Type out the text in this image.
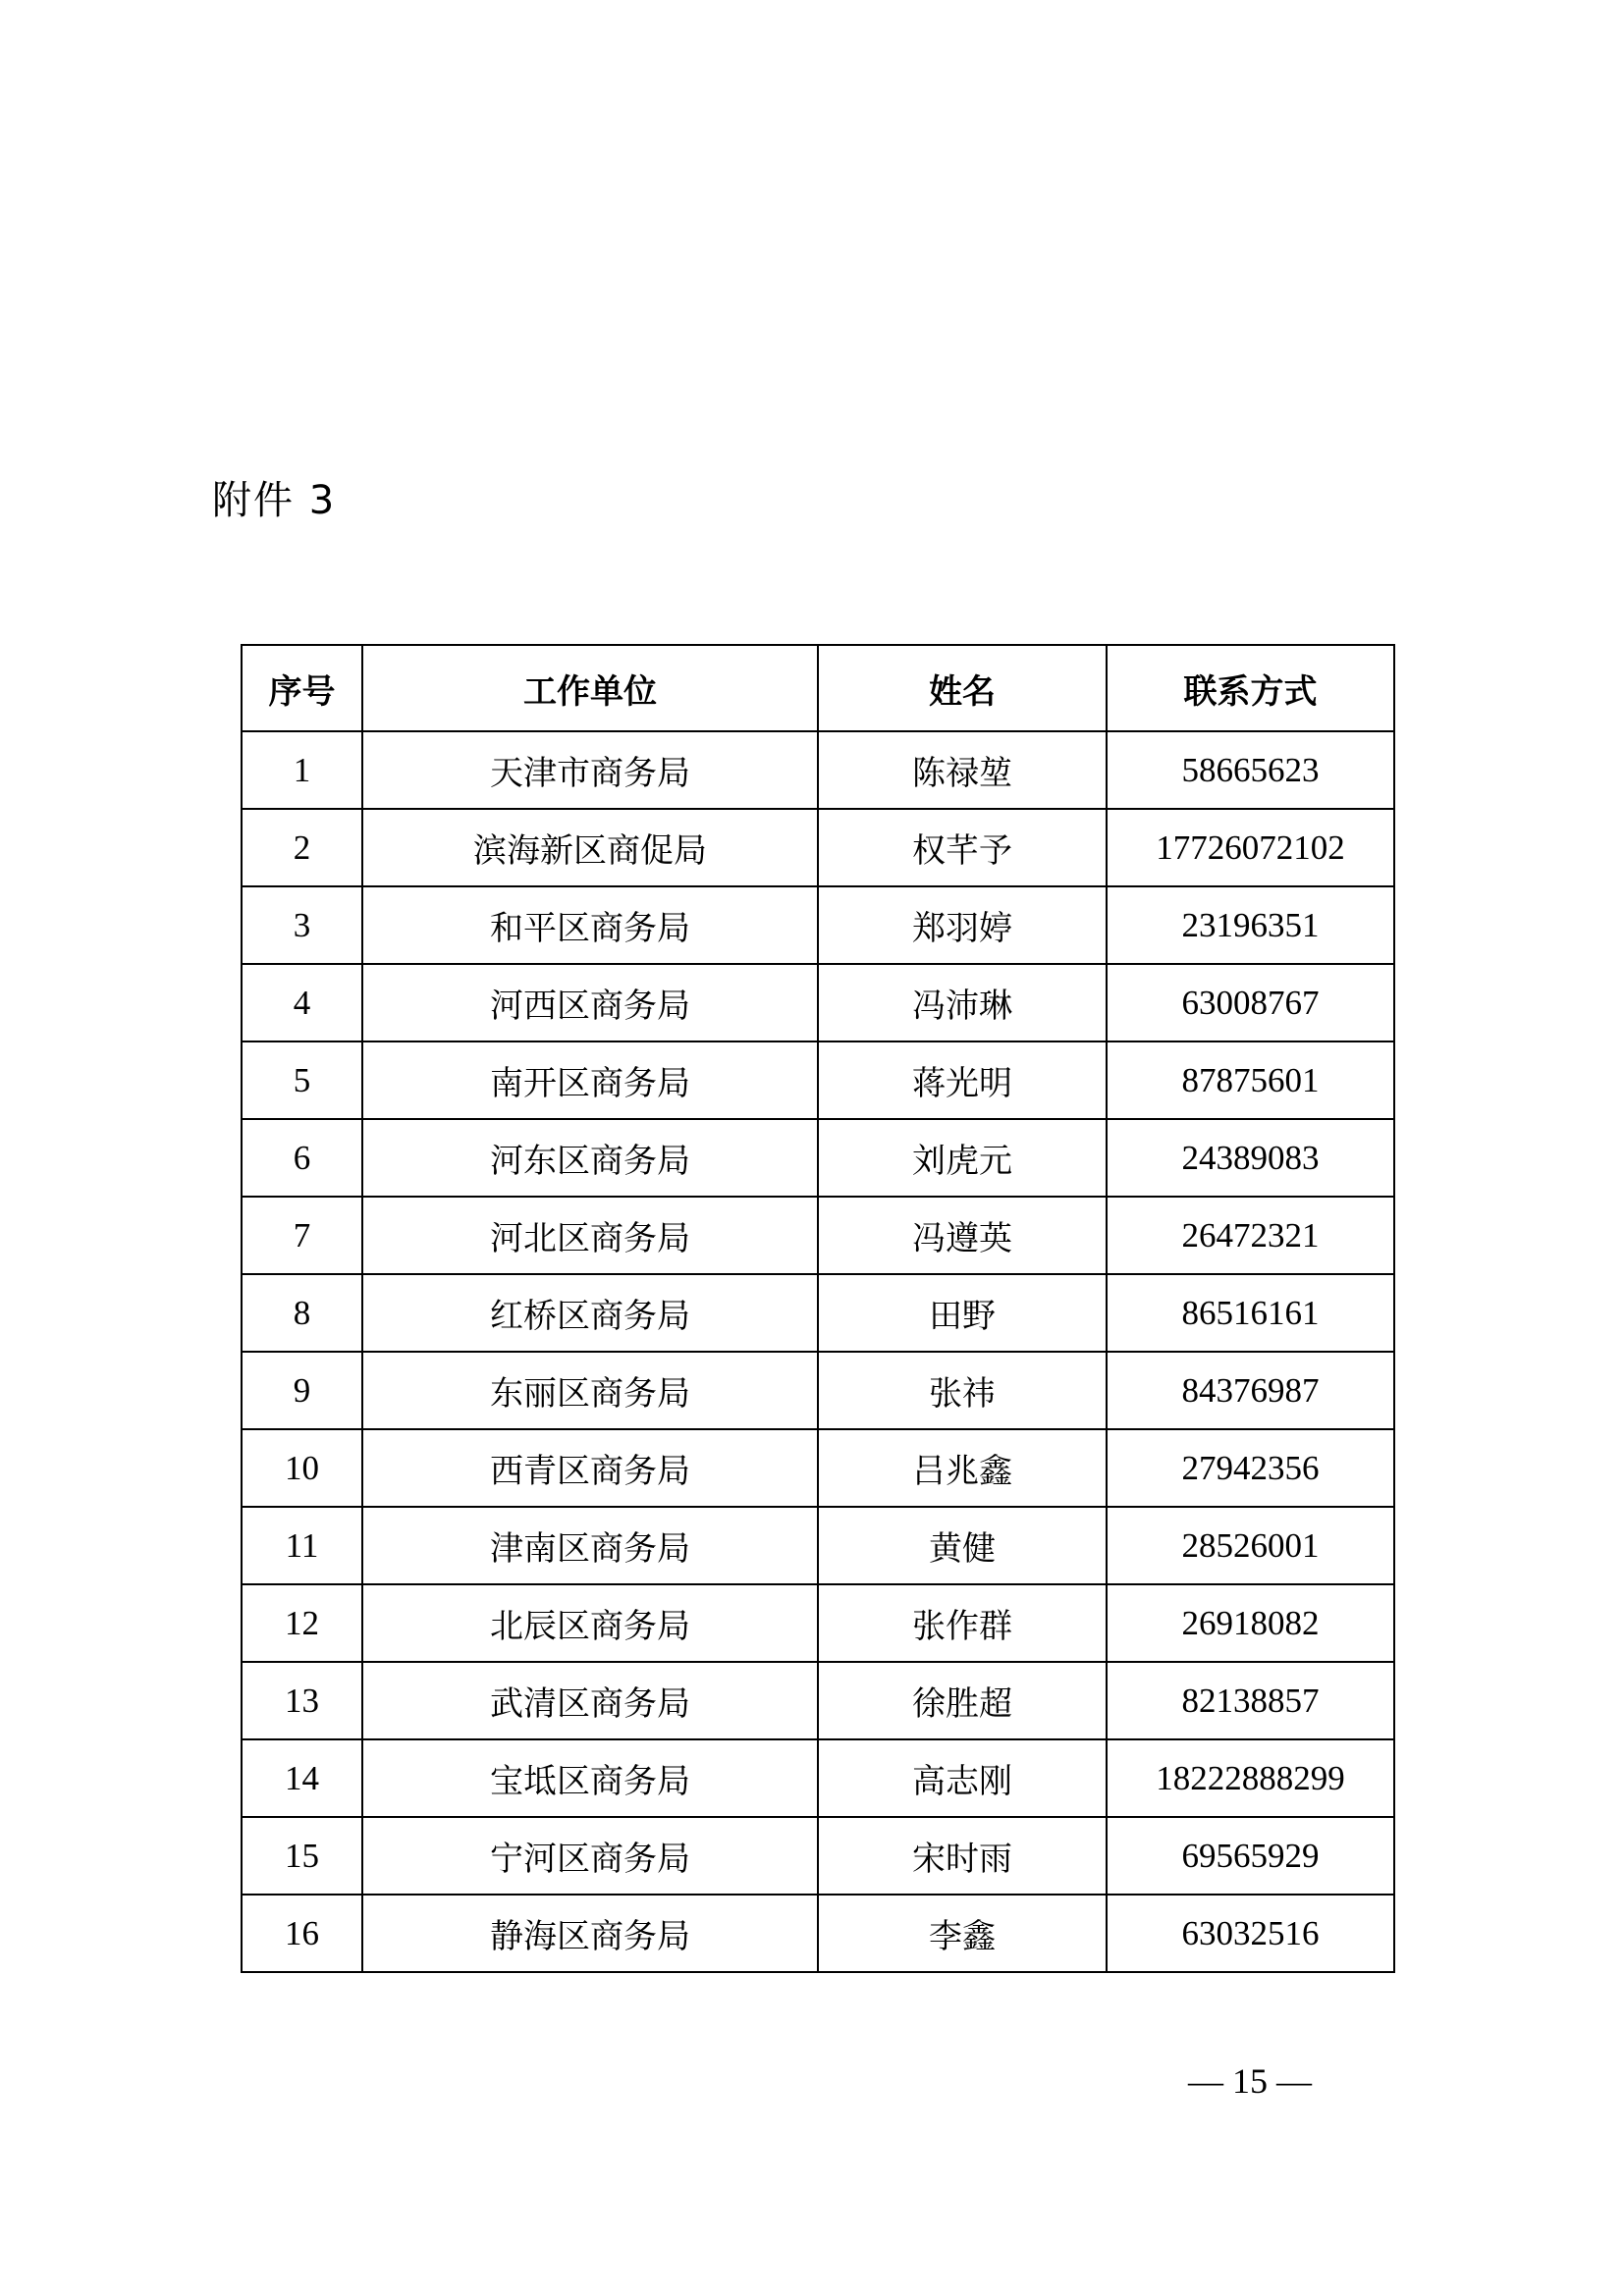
附件 3
序号	工作单位	姓名	联系方式
1	天津市商务局	陈禄堃	58665623
2	滨海新区商促局	权芊予	17726072102
3	和平区商务局	郑羽婷	23196351
4	河西区商务局	冯沛琳	63008767
5	南开区商务局	蒋光明	87875601
6	河东区商务局	刘虎元	24389083
7	河北区商务局	冯遵英	26472321
8	红桥区商务局	田野	86516161
9	东丽区商务局	张祎	84376987
10	西青区商务局	吕兆鑫	27942356
11	津南区商务局	黄健	28526001
12	北辰区商务局	张作群	26918082
13	武清区商务局	徐胜超	82138857
14	宝坻区商务局	高志刚	18222888299
15	宁河区商务局	宋时雨	69565929
16	静海区商务局	李鑫	63032516
— 15 —
